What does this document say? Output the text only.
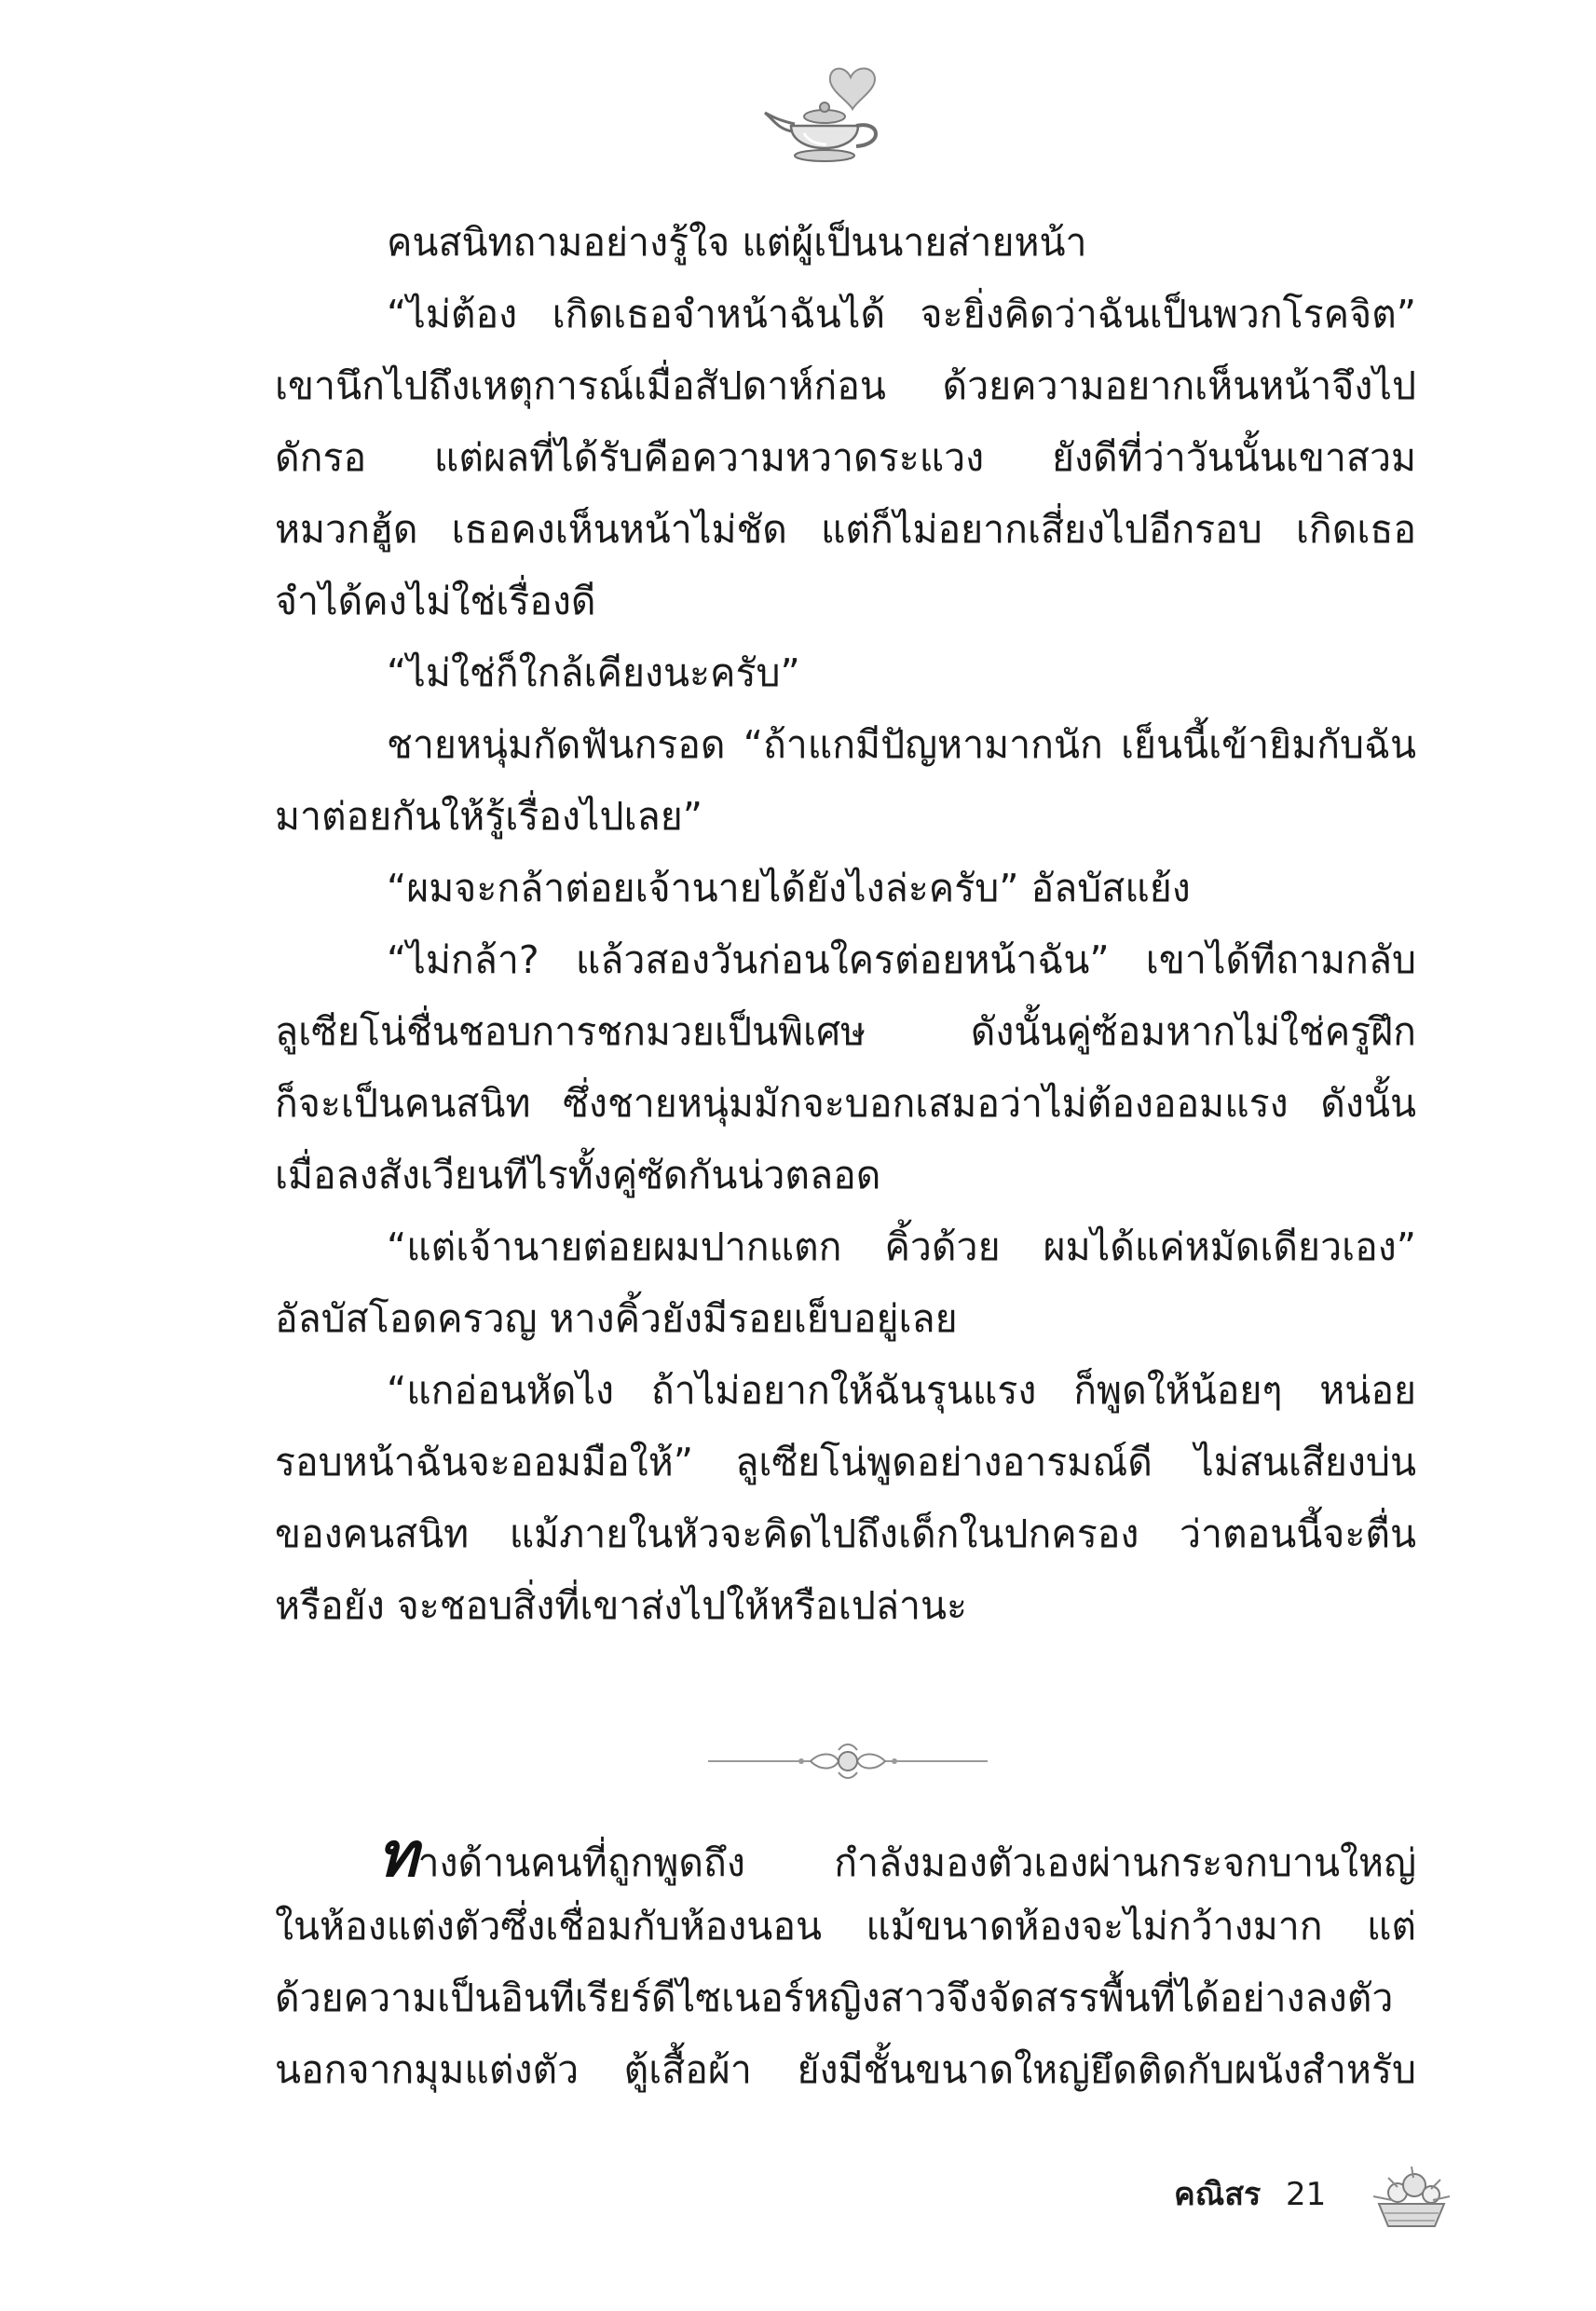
คนสนิทถามอย่างรู้ใจ แต่ผู้เป็นนายส่ายหน้า
“ไม่ต้อง เกิดเธอจำหน้าฉันได้ จะยิ่งคิดว่าฉันเป็นพวกโรคจิต”
เขานึกไปถึงเหตุการณ์เมื่อสัปดาห์ก่อน ด้วยความอยากเห็นหน้าจึงไป
ดักรอ แต่ผลที่ได้รับคือความหวาดระแวง ยังดีที่ว่าวันนั้นเขาสวม
หมวกฮู้ด เธอคงเห็นหน้าไม่ชัด แต่ก็ไม่อยากเสี่ยงไปอีกรอบ เกิดเธอ
จำได้คงไม่ใช่เรื่องดี
“ไม่ใช่ก็ใกล้เคียงนะครับ”
ชายหนุ่มกัดฟันกรอด “ถ้าแกมีปัญหามากนัก เย็นนี้เข้ายิมกับฉัน
มาต่อยกันให้รู้เรื่องไปเลย”
“ผมจะกล้าต่อยเจ้านายได้ยังไงล่ะครับ” อัลบัสแย้ง
“ไม่กล้า? แล้วสองวันก่อนใครต่อยหน้าฉัน” เขาได้ทีถามกลับ
ลูเซียโน่ชื่นชอบการชกมวยเป็นพิเศษ ดังนั้นคู่ซ้อมหากไม่ใช่ครูฝึก
ก็จะเป็นคนสนิท ซึ่งชายหนุ่มมักจะบอกเสมอว่าไม่ต้องออมแรง ดังนั้น
เมื่อลงสังเวียนทีไรทั้งคู่ซัดกันน่วตลอด
“แต่เจ้านายต่อยผมปากแตก คิ้วด้วย ผมได้แค่หมัดเดียวเอง”
อัลบัสโอดครวญ หางคิ้วยังมีรอยเย็บอยู่เลย
“แกอ่อนหัดไง ถ้าไม่อยากให้ฉันรุนแรง ก็พูดให้น้อยๆ หน่อย
รอบหน้าฉันจะออมมือให้” ลูเซียโน่พูดอย่างอารมณ์ดี ไม่สนเสียงบ่น
ของคนสนิท แม้ภายในหัวจะคิดไปถึงเด็กในปกครอง ว่าตอนนี้จะตื่น
หรือยัง จะชอบสิ่งที่เขาส่งไปให้หรือเปล่านะ
ทางด้านคนที่ถูกพูดถึง กำลังมองตัวเองผ่านกระจกบานใหญ่
ในห้องแต่งตัวซึ่งเชื่อมกับห้องนอน แม้ขนาดห้องจะไม่กว้างมาก แต่
ด้วยความเป็นอินทีเรียร์ดีไซเนอร์หญิงสาวจึงจัดสรรพื้นที่ได้อย่างลงตัว
นอกจากมุมแต่งตัว ตู้เสื้อผ้า ยังมีชั้นขนาดใหญ่ยึดติดกับผนังสำหรับ
คณิสร 21
